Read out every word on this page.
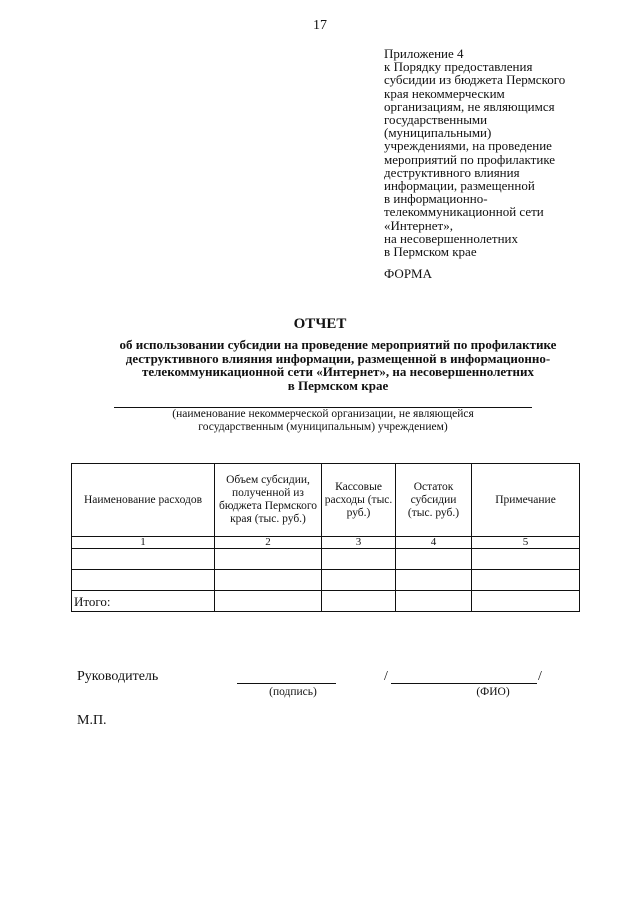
17
Приложение 4
к Порядку предоставления
субсидии из бюджета Пермского
края некоммерческим
организациям, не являющимся
государственными
(муниципальными)
учреждениями, на проведение
мероприятий по профилактике
деструктивного влияния
информации, размещенной
в информационно-
телекоммуникационной сети
«Интернет»,
на несовершеннолетних
в Пермском крае
ФОРМА
ОТЧЕТ
об использовании субсидии на проведение мероприятий по профилактике
деструктивного влияния информации, размещенной в информационно-
телекоммуникационной сети «Интернет», на несовершеннолетних
в Пермском крае
(наименование некоммерческой организации, не являющейся
государственным (муниципальным) учреждением)
Наименование расходов	Объем субсидии, полученной из бюджета Пермского края (тыс. руб.)	Кассовые расходы (тыс. руб.)	Остаток субсидии (тыс. руб.)	Примечание
1	2	3	4	5

Итого:				
Руководитель
(подпись)
/	/
(ФИО)
М.П.
